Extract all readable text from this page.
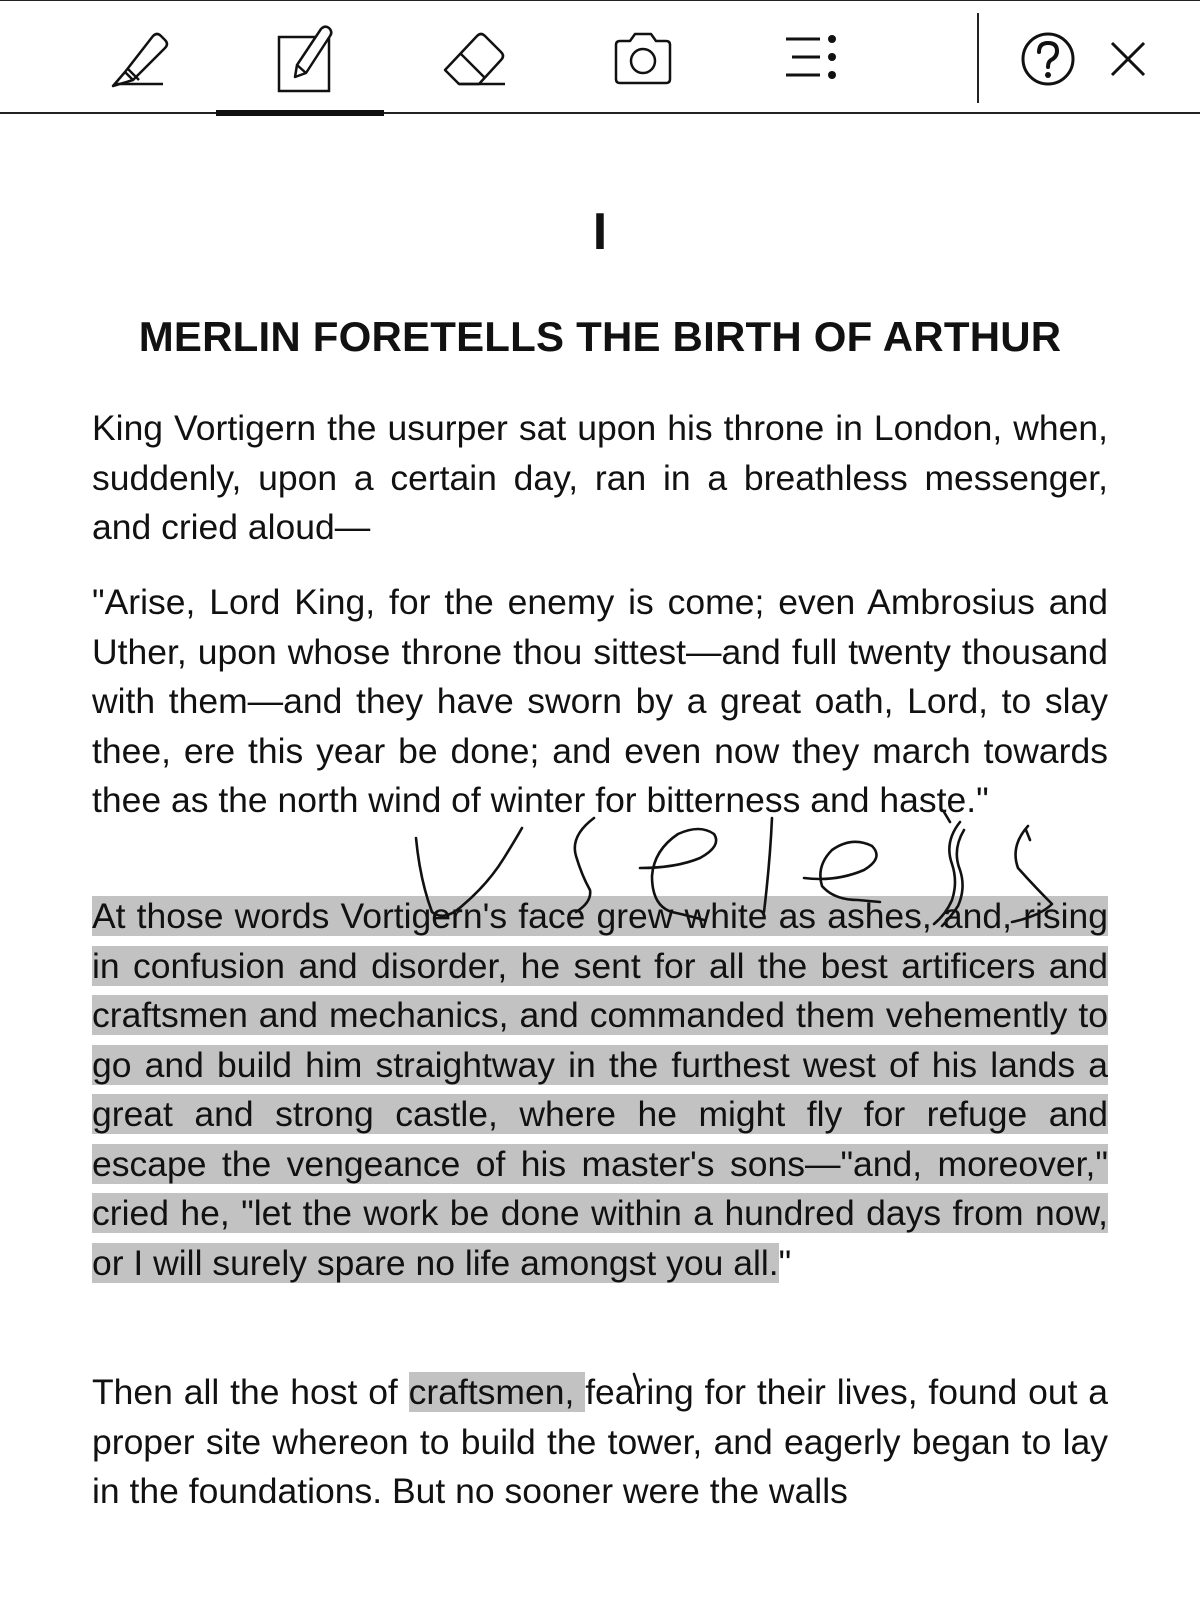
I
MERLIN FORETELLS THE BIRTH OF ARTHUR

King Vortigern the usurper sat upon his throne in London, when, suddenly, upon a certain day, ran in a breathless messenger, and cried aloud—

"Arise, Lord King, for the enemy is come; even Ambrosius and Uther, upon whose throne thou sittest—and full twenty thousand with them—and they have sworn by a great oath, Lord, to slay thee, ere this year be done; and even now they march towards thee as the north wind of winter for bitterness and haste."

At those words Vortigern's face grew white as ashes, and, rising in confusion and disorder, he sent for all the best artificers and craftsmen and mechanics, and commanded them vehemently to go and build him straightway in the furthest west of his lands a great and strong castle, where he might fly for refuge and escape the vengeance of his master's sons—"and, moreover," cried he, "let the work be done within a hundred days from now, or I will surely spare no life amongst you all."

Then all the host of craftsmen, fearing for their lives, found out a proper site whereon to build the tower, and eagerly began to lay in the foundations. But no sooner were the walls
